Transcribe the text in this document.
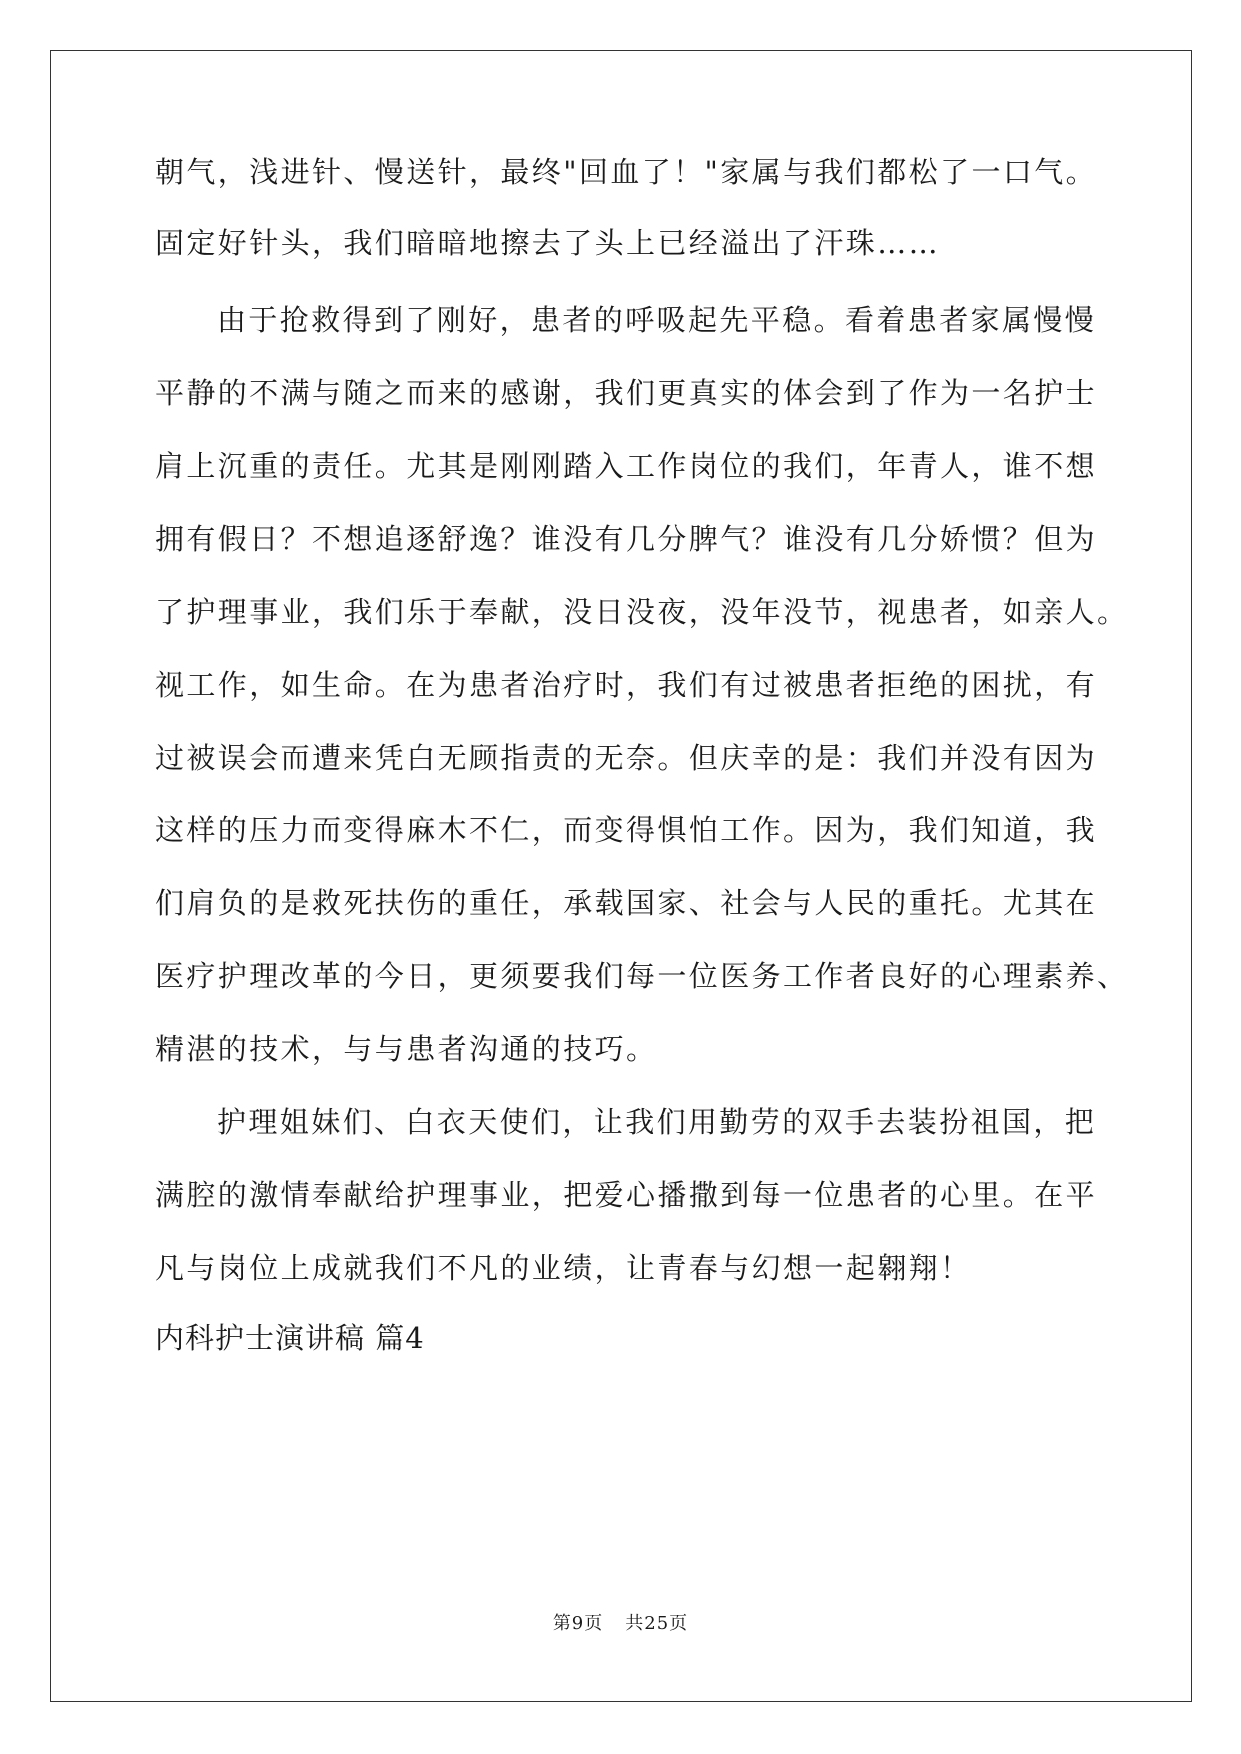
朝气，浅进针、慢送针，最终"回血了！"家属与我们都松了一口气。
固定好针头，我们暗暗地擦去了头上已经溢出了汗珠……
由于抢救得到了刚好，患者的呼吸起先平稳。看着患者家属慢慢
平静的不满与随之而来的感谢，我们更真实的体会到了作为一名护士
肩上沉重的责任。尤其是刚刚踏入工作岗位的我们，年青人，谁不想
拥有假日？不想追逐舒逸？谁没有几分脾气？谁没有几分娇惯？但为
了护理事业，我们乐于奉献，没日没夜，没年没节，视患者，如亲人。
视工作，如生命。在为患者治疗时，我们有过被患者拒绝的困扰，有
过被误会而遭来凭白无顾指责的无奈。但庆幸的是：我们并没有因为
这样的压力而变得麻木不仁，而变得惧怕工作。因为，我们知道，我
们肩负的是救死扶伤的重任，承载国家、社会与人民的重托。尤其在
医疗护理改革的今日，更须要我们每一位医务工作者良好的心理素养、
精湛的技术，与与患者沟通的技巧。
护理姐妹们、白衣天使们，让我们用勤劳的双手去装扮祖国，把
满腔的激情奉献给护理事业，把爱心播撒到每一位患者的心里。在平
凡与岗位上成就我们不凡的业绩，让青春与幻想一起翱翔！
内科护士演讲稿 篇4
第9页 共25页
